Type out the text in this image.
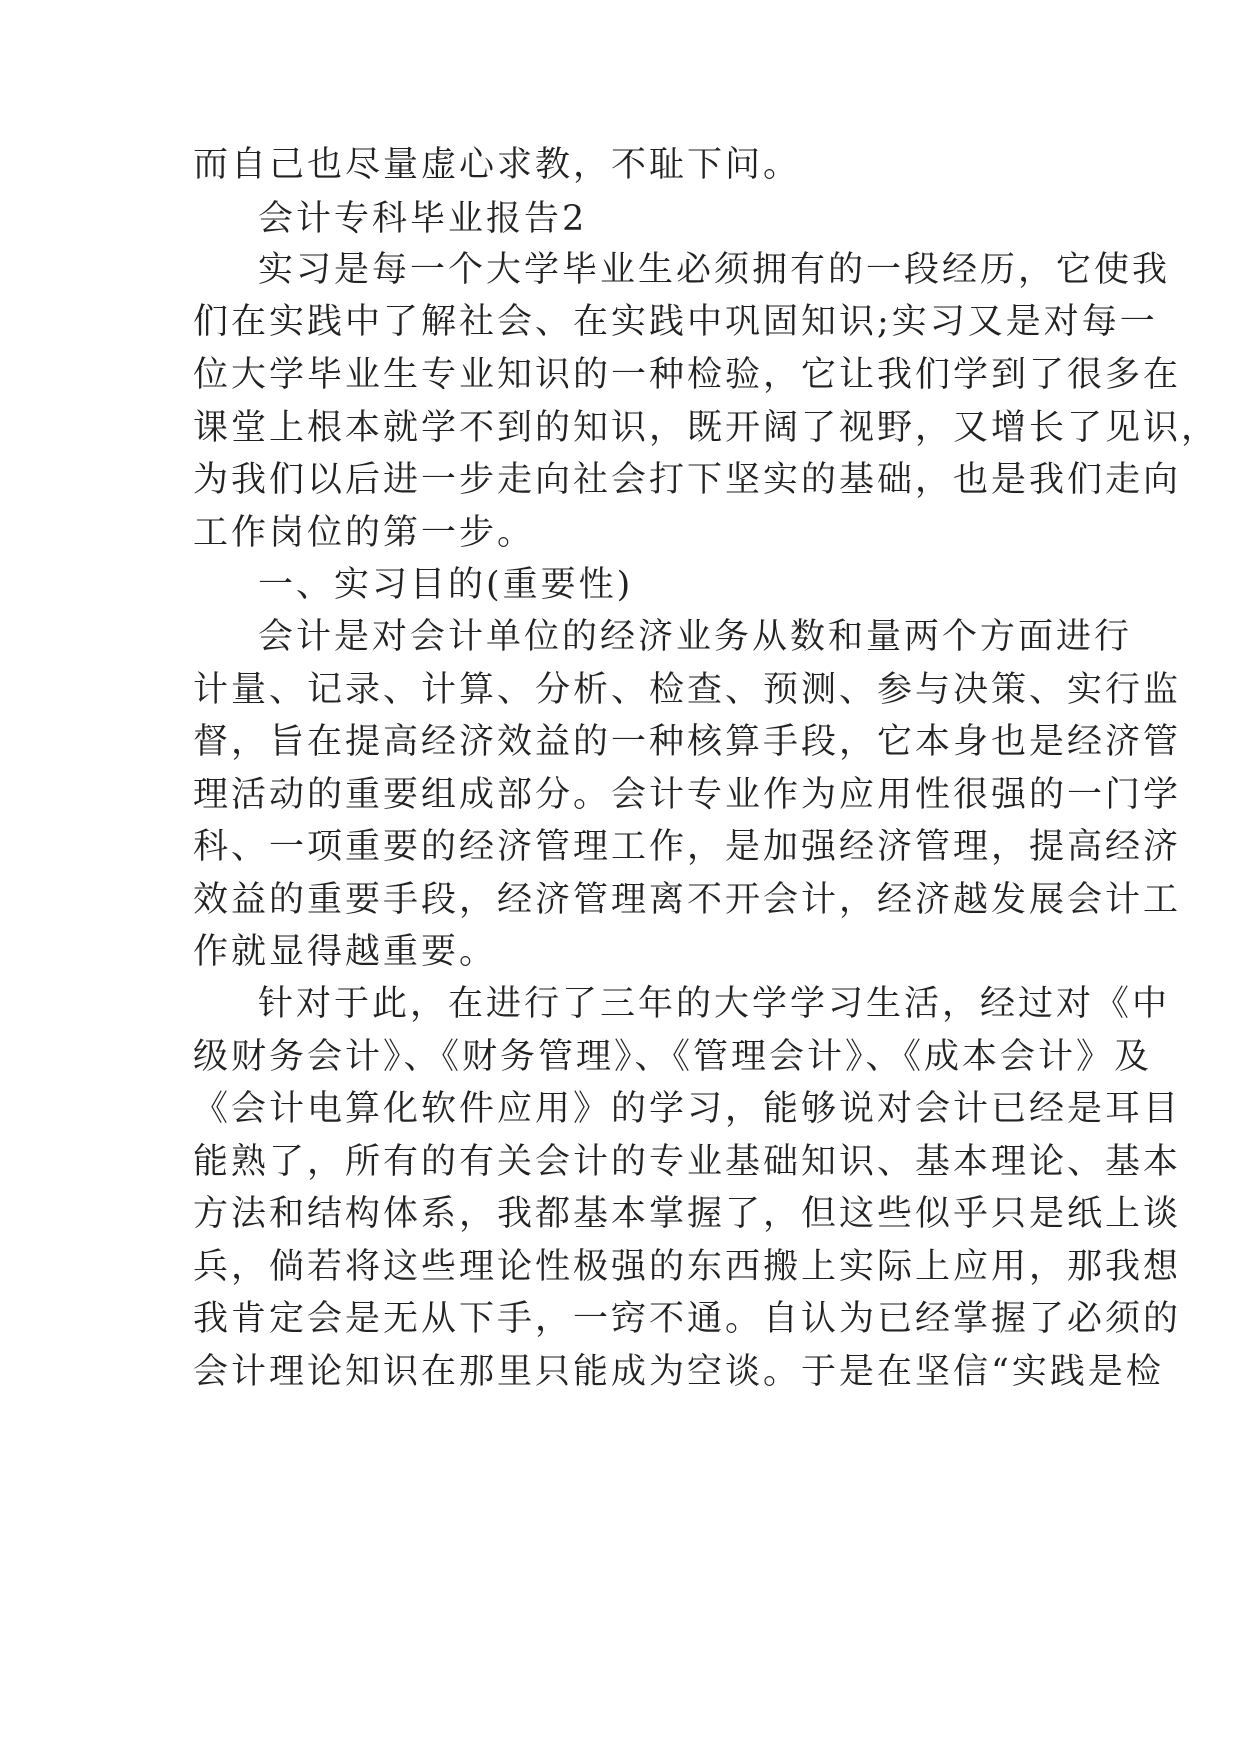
而自己也尽量虚心求教，不耻下问。

会计专科毕业报告2

实习是每一个大学毕业生必须拥有的一段经历，它使我

们在实践中了解社会、在实践中巩固知识;实习又是对每一

位大学毕业生专业知识的一种检验，它让我们学到了很多在

课堂上根本就学不到的知识，既开阔了视野，又增长了见识，

为我们以后进一步走向社会打下坚实的基础，也是我们走向

工作岗位的第一步。

一、实习目的(重要性)

会计是对会计单位的经济业务从数和量两个方面进行

计量、记录、计算、分析、检查、预测、参与决策、实行监

督，旨在提高经济效益的一种核算手段，它本身也是经济管

理活动的重要组成部分。会计专业作为应用性很强的一门学

科、一项重要的经济管理工作，是加强经济管理，提高经济

效益的重要手段，经济管理离不开会计，经济越发展会计工

作就显得越重要。

针对于此，在进行了三年的大学学习生活，经过对《中

级财务会计》、《财务管理》、《管理会计》、《成本会计》及

《会计电算化软件应用》的学习，能够说对会计已经是耳目

能熟了，所有的有关会计的专业基础知识、基本理论、基本

方法和结构体系，我都基本掌握了，但这些似乎只是纸上谈

兵，倘若将这些理论性极强的东西搬上实际上应用，那我想

我肯定会是无从下手，一窍不通。自认为已经掌握了必须的

会计理论知识在那里只能成为空谈。于是在坚信“实践是检
